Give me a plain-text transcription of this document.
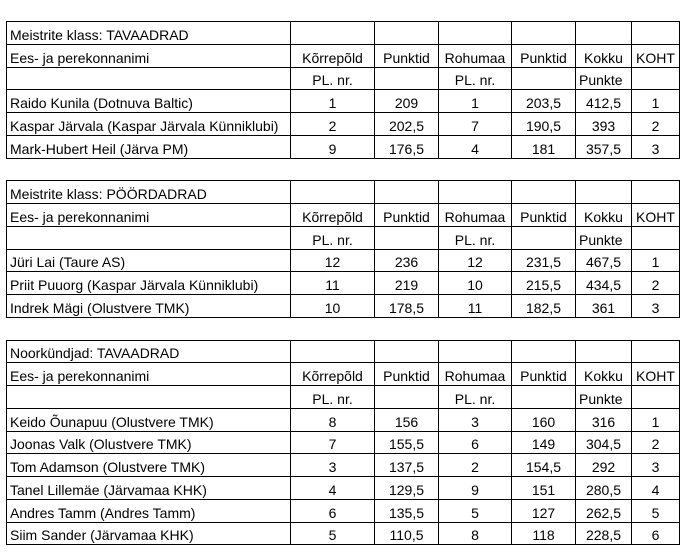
Meistrite klass: TAVAADRAD						
Ees- ja perekonnanimi	Kõrrepõld	Punktid	Rohumaa	Punktid	Kokku	KOHT
	PL. nr.		PL. nr.		Punkte	
Raido Kunila (Dotnuva Baltic)	1	209	1	203,5	412,5	1
Kaspar Järvala (Kaspar Järvala Künniklubi)	2	202,5	7	190,5	393	2
Mark-Hubert Heil (Järva PM)	9	176,5	4	181	357,5	3

Meistrite klass: PÖÖRDADRAD						
Ees- ja perekonnanimi	Kõrrepõld	Punktid	Rohumaa	Punktid	Kokku	KOHT
	PL. nr.		PL. nr.		Punkte	
Jüri Lai (Taure AS)	12	236	12	231,5	467,5	1
Priit Puuorg (Kaspar Järvala Künniklubi)	11	219	10	215,5	434,5	2
Indrek Mägi (Olustvere TMK)	10	178,5	11	182,5	361	3

Noorkündjad: TAVAADRAD						
Ees- ja perekonnanimi	Kõrrepõld	Punktid	Rohumaa	Punktid	Kokku	KOHT
	PL. nr.		PL. nr.		Punkte	
Keido Õunapuu (Olustvere TMK)	8	156	3	160	316	1
Joonas Valk (Olustvere TMK)	7	155,5	6	149	304,5	2
Tom Adamson (Olustvere TMK)	3	137,5	2	154,5	292	3
Tanel Lillemäe (Järvamaa KHK)	4	129,5	9	151	280,5	4
Andres Tamm (Andres Tamm)	6	135,5	5	127	262,5	5
Siim Sander (Järvamaa KHK)	5	110,5	8	118	228,5	6
